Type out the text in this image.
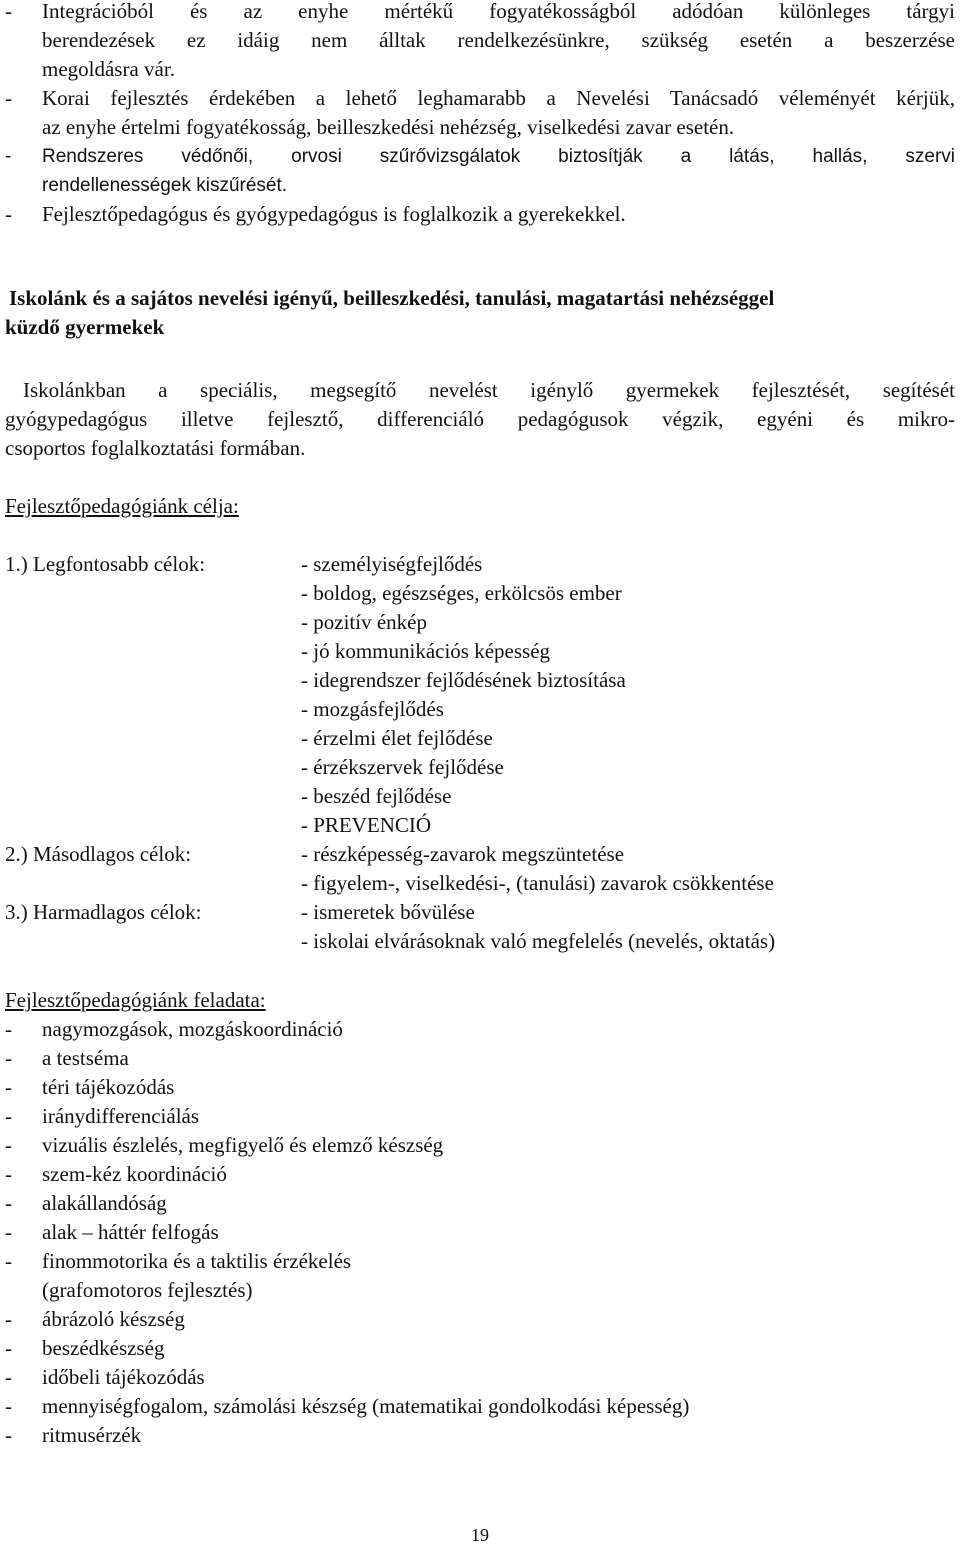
-	Integrációból és az enyhe mértékű fogyatékosságból adódóan különleges tárgyi
berendezések ez idáig nem álltak rendelkezésünkre, szükség esetén a beszerzése
megoldásra vár.
-	Korai fejlesztés érdekében a lehető leghamarabb a Nevelési Tanácsadó véleményét kérjük,
az enyhe értelmi fogyatékosság, beilleszkedési nehézség, viselkedési zavar esetén.
-	Rendszeres védőnői, orvosi szűrővizsgálatok biztosítják a látás, hallás, szervi
rendellenességek kiszűrését.
-	Fejlesztőpedagógus és gyógypedagógus is foglalkozik a gyerekekkel.
Iskolánk és a sajátos nevelési igényű, beilleszkedési, tanulási, magatartási nehézséggel
küzdő gyermekek
Iskolánkban a speciális, megsegítő nevelést igénylő gyermekek fejlesztését, segítését
gyógypedagógus illetve fejlesztő, differenciáló pedagógusok végzik, egyéni és mikro-
csoportos foglalkoztatási formában.
Fejlesztőpedagógiánk célja:
1.) Legfontosabb célok:	- személyiségfejlődés
- boldog, egészséges, erkölcsös ember
- pozitív énkép
- jó kommunikációs képesség
- idegrendszer fejlődésének biztosítása
- mozgásfejlődés
- érzelmi élet fejlődése
- érzékszervek fejlődése
- beszéd fejlődése
- PREVENCIÓ
2.) Másodlagos célok:	- részképesség-zavarok megszüntetése
- figyelem-, viselkedési-, (tanulási) zavarok csökkentése
3.) Harmadlagos célok:	- ismeretek bővülése
- iskolai elvárásoknak való megfelelés (nevelés, oktatás)
Fejlesztőpedagógiánk feladata:
-	nagymozgások, mozgáskoordináció
-	a testséma
-	téri tájékozódás
-	iránydifferenciálás
-	vizuális észlelés, megfigyelő és elemző készség
-	szem-kéz koordináció
-	alakállandóság
-	alak – háttér felfogás
-	finommotorika és a taktilis érzékelés
(grafomotoros fejlesztés)
-	ábrázoló készség
-	beszédkészség
-	időbeli tájékozódás
-	mennyiségfogalom, számolási készség (matematikai gondolkodási képesség)
-	ritmusérzék
19
